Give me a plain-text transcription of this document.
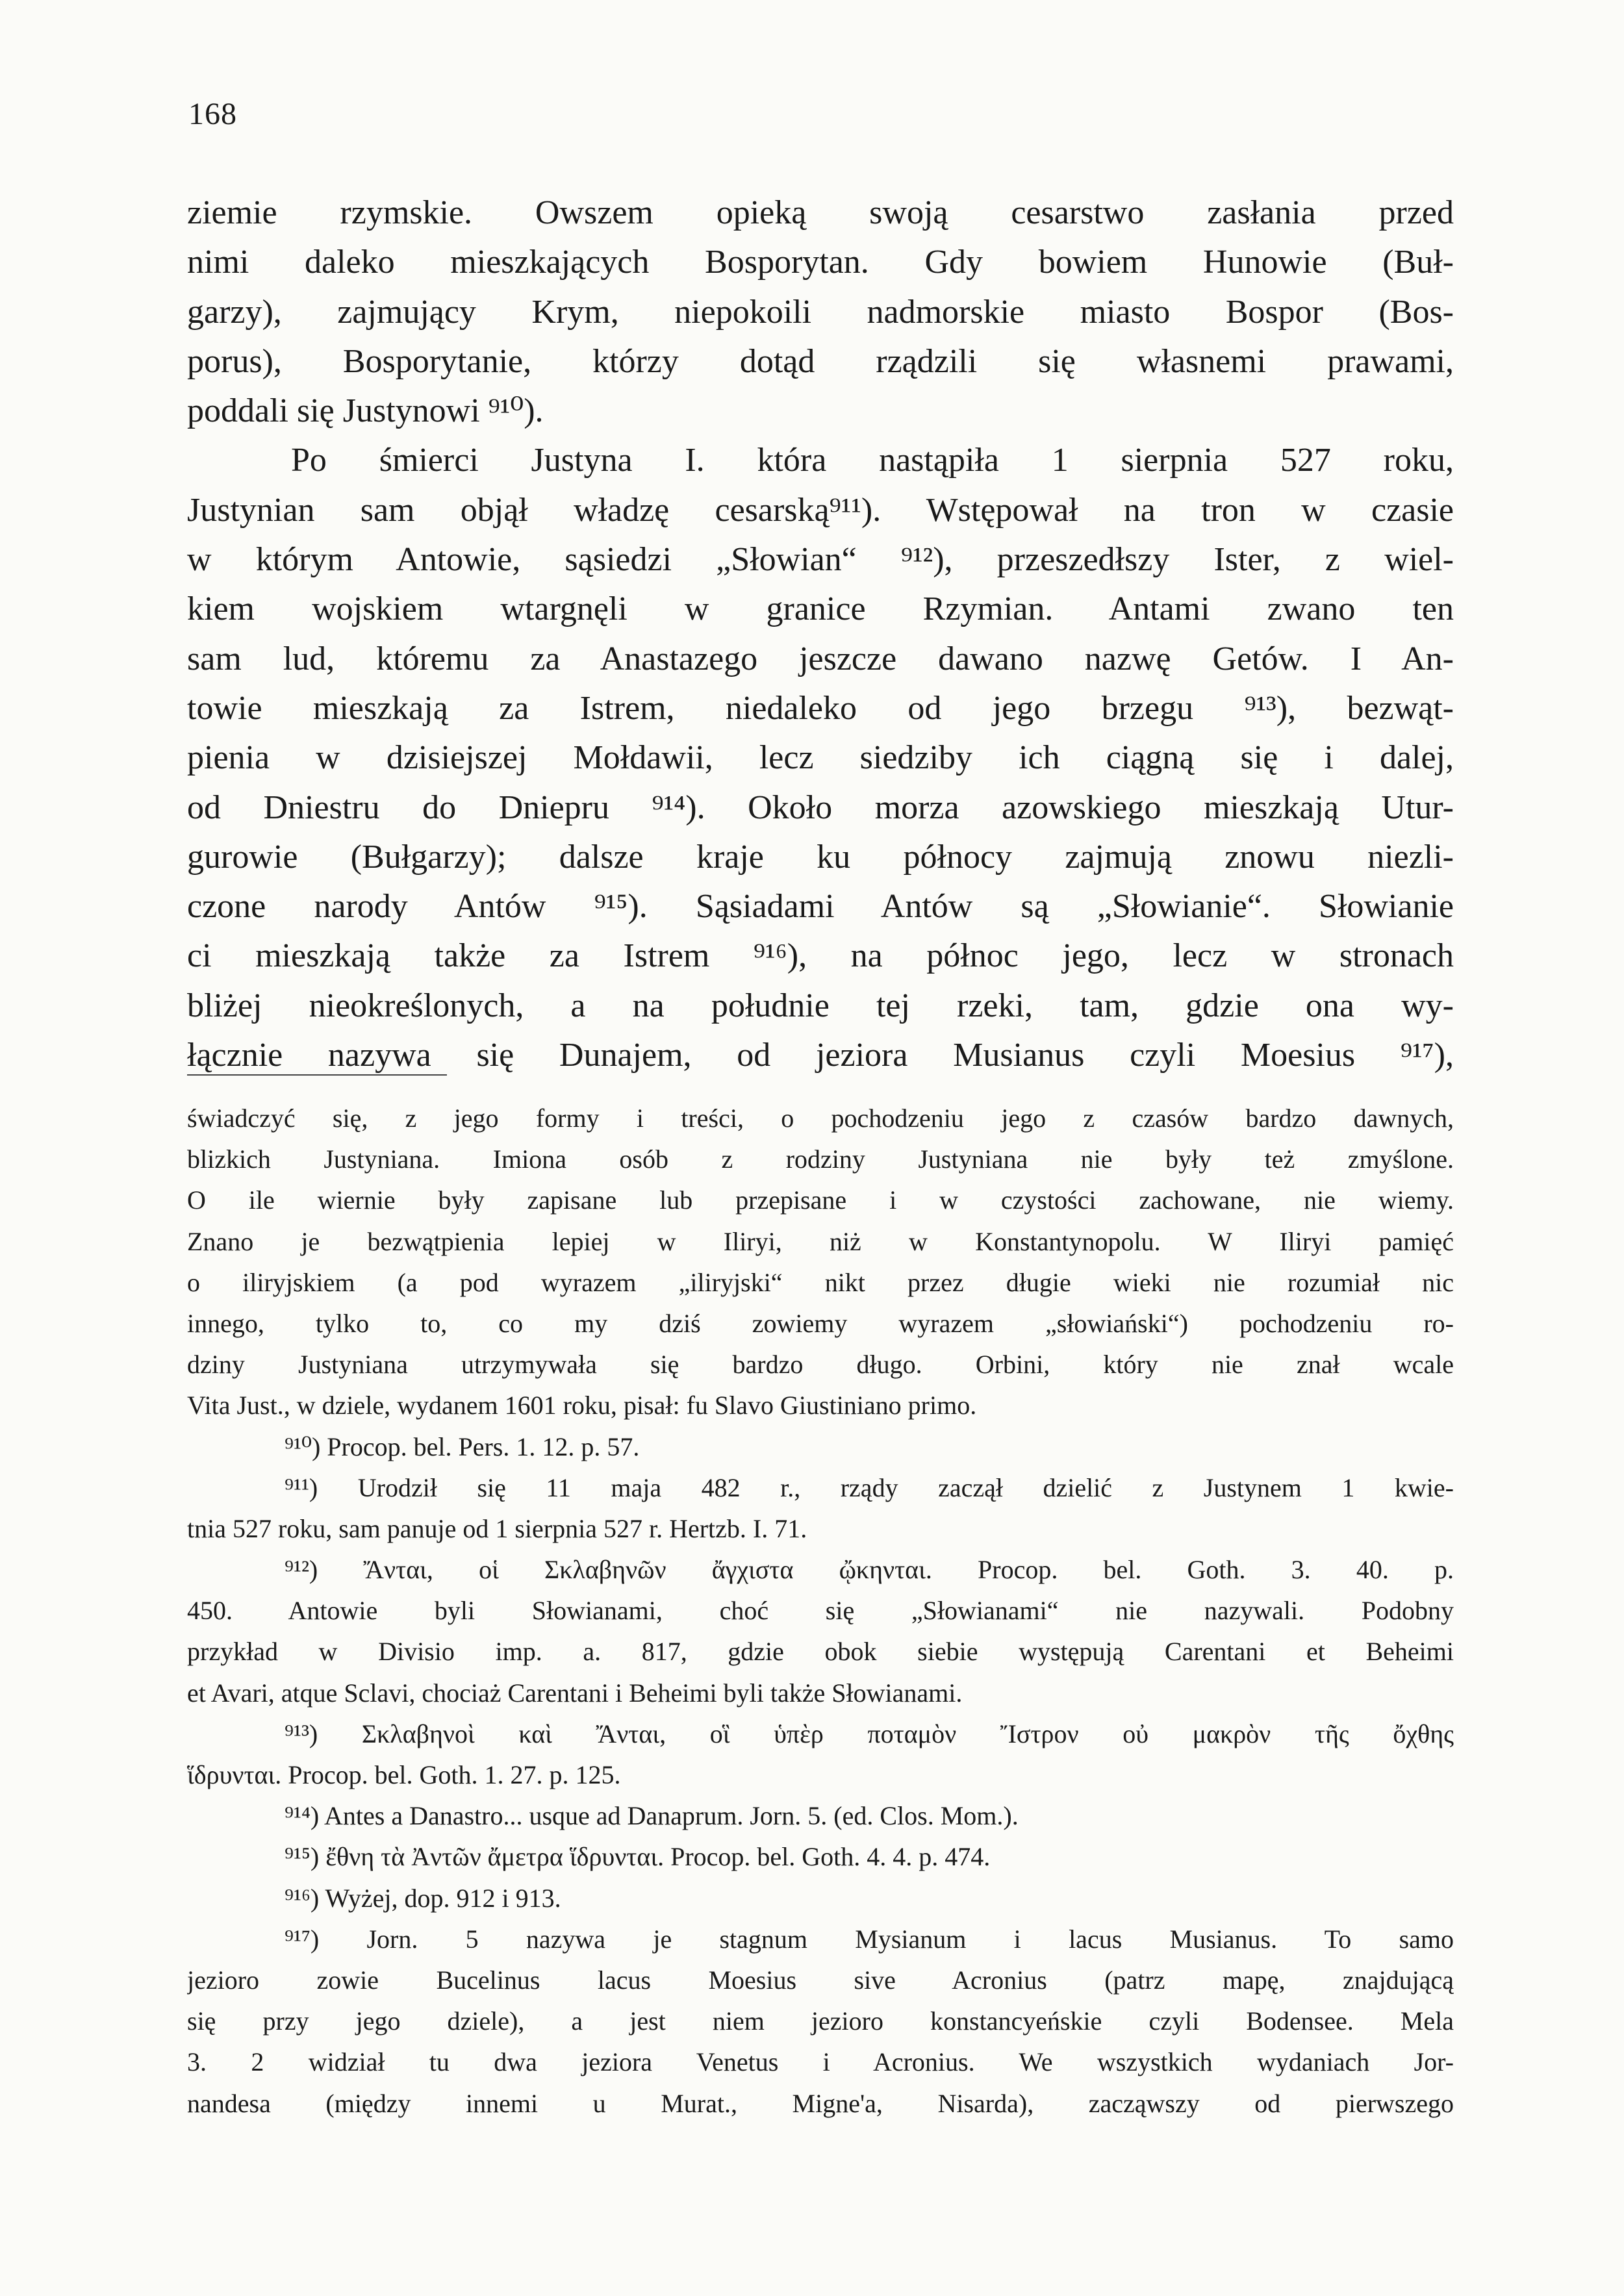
168
ziemie rzymskie. Owszem opieką swoją cesarstwo zasłania przed
nimi daleko mieszkających Bosporytan. Gdy bowiem Hunowie (Buł-
garzy), zajmujący Krym, niepokoili nadmorskie miasto Bospor (Bos-
porus), Bosporytanie, którzy dotąd rządzili się własnemi prawami,
poddali się Justynowi ⁹¹⁰).
Po śmierci Justyna I. która nastąpiła 1 sierpnia 527 roku,
Justynian sam objął władzę cesarską⁹¹¹). Wstępował na tron w czasie
w którym Antowie, sąsiedzi „Słowian“ ⁹¹²), przeszedłszy Ister, z wiel-
kiem wojskiem wtargnęli w granice Rzymian. Antami zwano ten
sam lud, któremu za Anastazego jeszcze dawano nazwę Getów. I An-
towie mieszkają za Istrem, niedaleko od jego brzegu ⁹¹³), bezwąt-
pienia w dzisiejszej Mołdawii, lecz siedziby ich ciągną się i dalej,
od Dniestru do Dniepru ⁹¹⁴). Około morza azowskiego mieszkają Utur-
gurowie (Bułgarzy); dalsze kraje ku północy zajmują znowu niezli-
czone narody Antów ⁹¹⁵). Sąsiadami Antów są „Słowianie“. Słowianie
ci mieszkają także za Istrem ⁹¹⁶), na północ jego, lecz w stronach
bliżej nieokreślonych, a na południe tej rzeki, tam, gdzie ona wy-
łącznie nazywa się Dunajem, od jeziora Musianus czyli Moesius ⁹¹⁷),
świadczyć się, z jego formy i treści, o pochodzeniu jego z czasów bardzo dawnych,
blizkich Justyniana. Imiona osób z rodziny Justyniana nie były też zmyślone.
O ile wiernie były zapisane lub przepisane i w czystości zachowane, nie wiemy.
Znano je bezwątpienia lepiej w Iliryi, niż w Konstantynopolu. W Iliryi pamięć
o iliryjskiem (a pod wyrazem „iliryjski“ nikt przez długie wieki nie rozumiał nic
innego, tylko to, co my dziś zowiemy wyrazem „słowiański“) pochodzeniu ro-
dziny Justyniana utrzymywała się bardzo długo. Orbini, który nie znał wcale
Vita Just., w dziele, wydanem 1601 roku, pisał: fu Slavo Giustiniano primo.
⁹¹⁰) Procop. bel. Pers. 1. 12. p. 57.
⁹¹¹) Urodził się 11 maja 482 r., rządy zaczął dzielić z Justynem 1 kwie-
tnia 527 roku, sam panuje od 1 sierpnia 527 r. Hertzb. I. 71.
⁹¹²) Ἄνται, οἱ Σκλαβηνῶν ἄγχιστα ᾤκηνται. Procop. bel. Goth. 3. 40. p.
450. Antowie byli Słowianami, choć się „Słowianami“ nie nazywali. Podobny
przykład w Divisio imp. a. 817, gdzie obok siebie występują Carentani et Beheimi
et Avari, atque Sclavi, chociaż Carentani i Beheimi byli także Słowianami.
⁹¹³) Σκλαβηνοὶ καὶ Ἄνται, οἳ ὑπὲρ ποταμὸν Ἴστρον οὐ μακρὸν τῆς ὄχθης
ἵδρυνται. Procop. bel. Goth. 1. 27. p. 125.
⁹¹⁴) Antes a Danastro... usque ad Danaprum. Jorn. 5. (ed. Clos. Mom.).
⁹¹⁵) ἔθνη τὰ Ἀντῶν ἄμετρα ἵδρυνται. Procop. bel. Goth. 4. 4. p. 474.
⁹¹⁶) Wyżej, dop. 912 i 913.
⁹¹⁷) Jorn. 5 nazywa je stagnum Mysianum i lacus Musianus. To samo
jezioro zowie Bucelinus lacus Moesius sive Acronius (patrz mapę, znajdującą
się przy jego dziele), a jest niem jezioro konstancyeńskie czyli Bodensee. Mela
3. 2 widział tu dwa jeziora Venetus i Acronius. We wszystkich wydaniach Jor-
nandesa (między innemi u Murat., Migne'a, Nisarda), zacząwszy od pierwszego
